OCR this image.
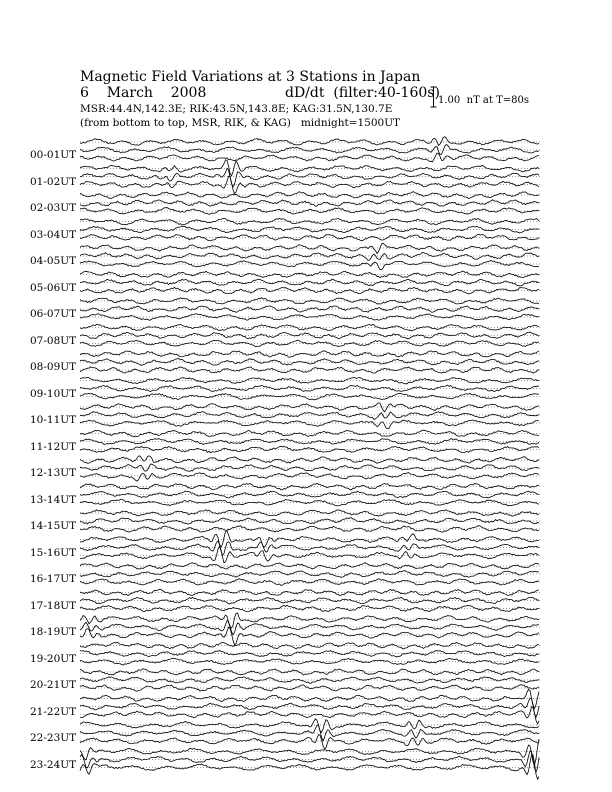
Magnetic Field Variations at 3 Stations in Japan
6    March    2008	dD/dt  (filter:40-160s)
MSR:44.4N,142.3E; RIK:43.5N,143.8E; KAG:31.5N,130.7E
(from bottom to top, MSR, RIK, & KAG)   midnight=1500UT
1.00  nT at T=80s
00-01UT
01-02UT
02-03UT
03-04UT
04-05UT
05-06UT
06-07UT
07-08UT
08-09UT
09-10UT
10-11UT
11-12UT
12-13UT
13-14UT
14-15UT
15-16UT
16-17UT
17-18UT
18-19UT
19-20UT
20-21UT
21-22UT
22-23UT
23-24UT
